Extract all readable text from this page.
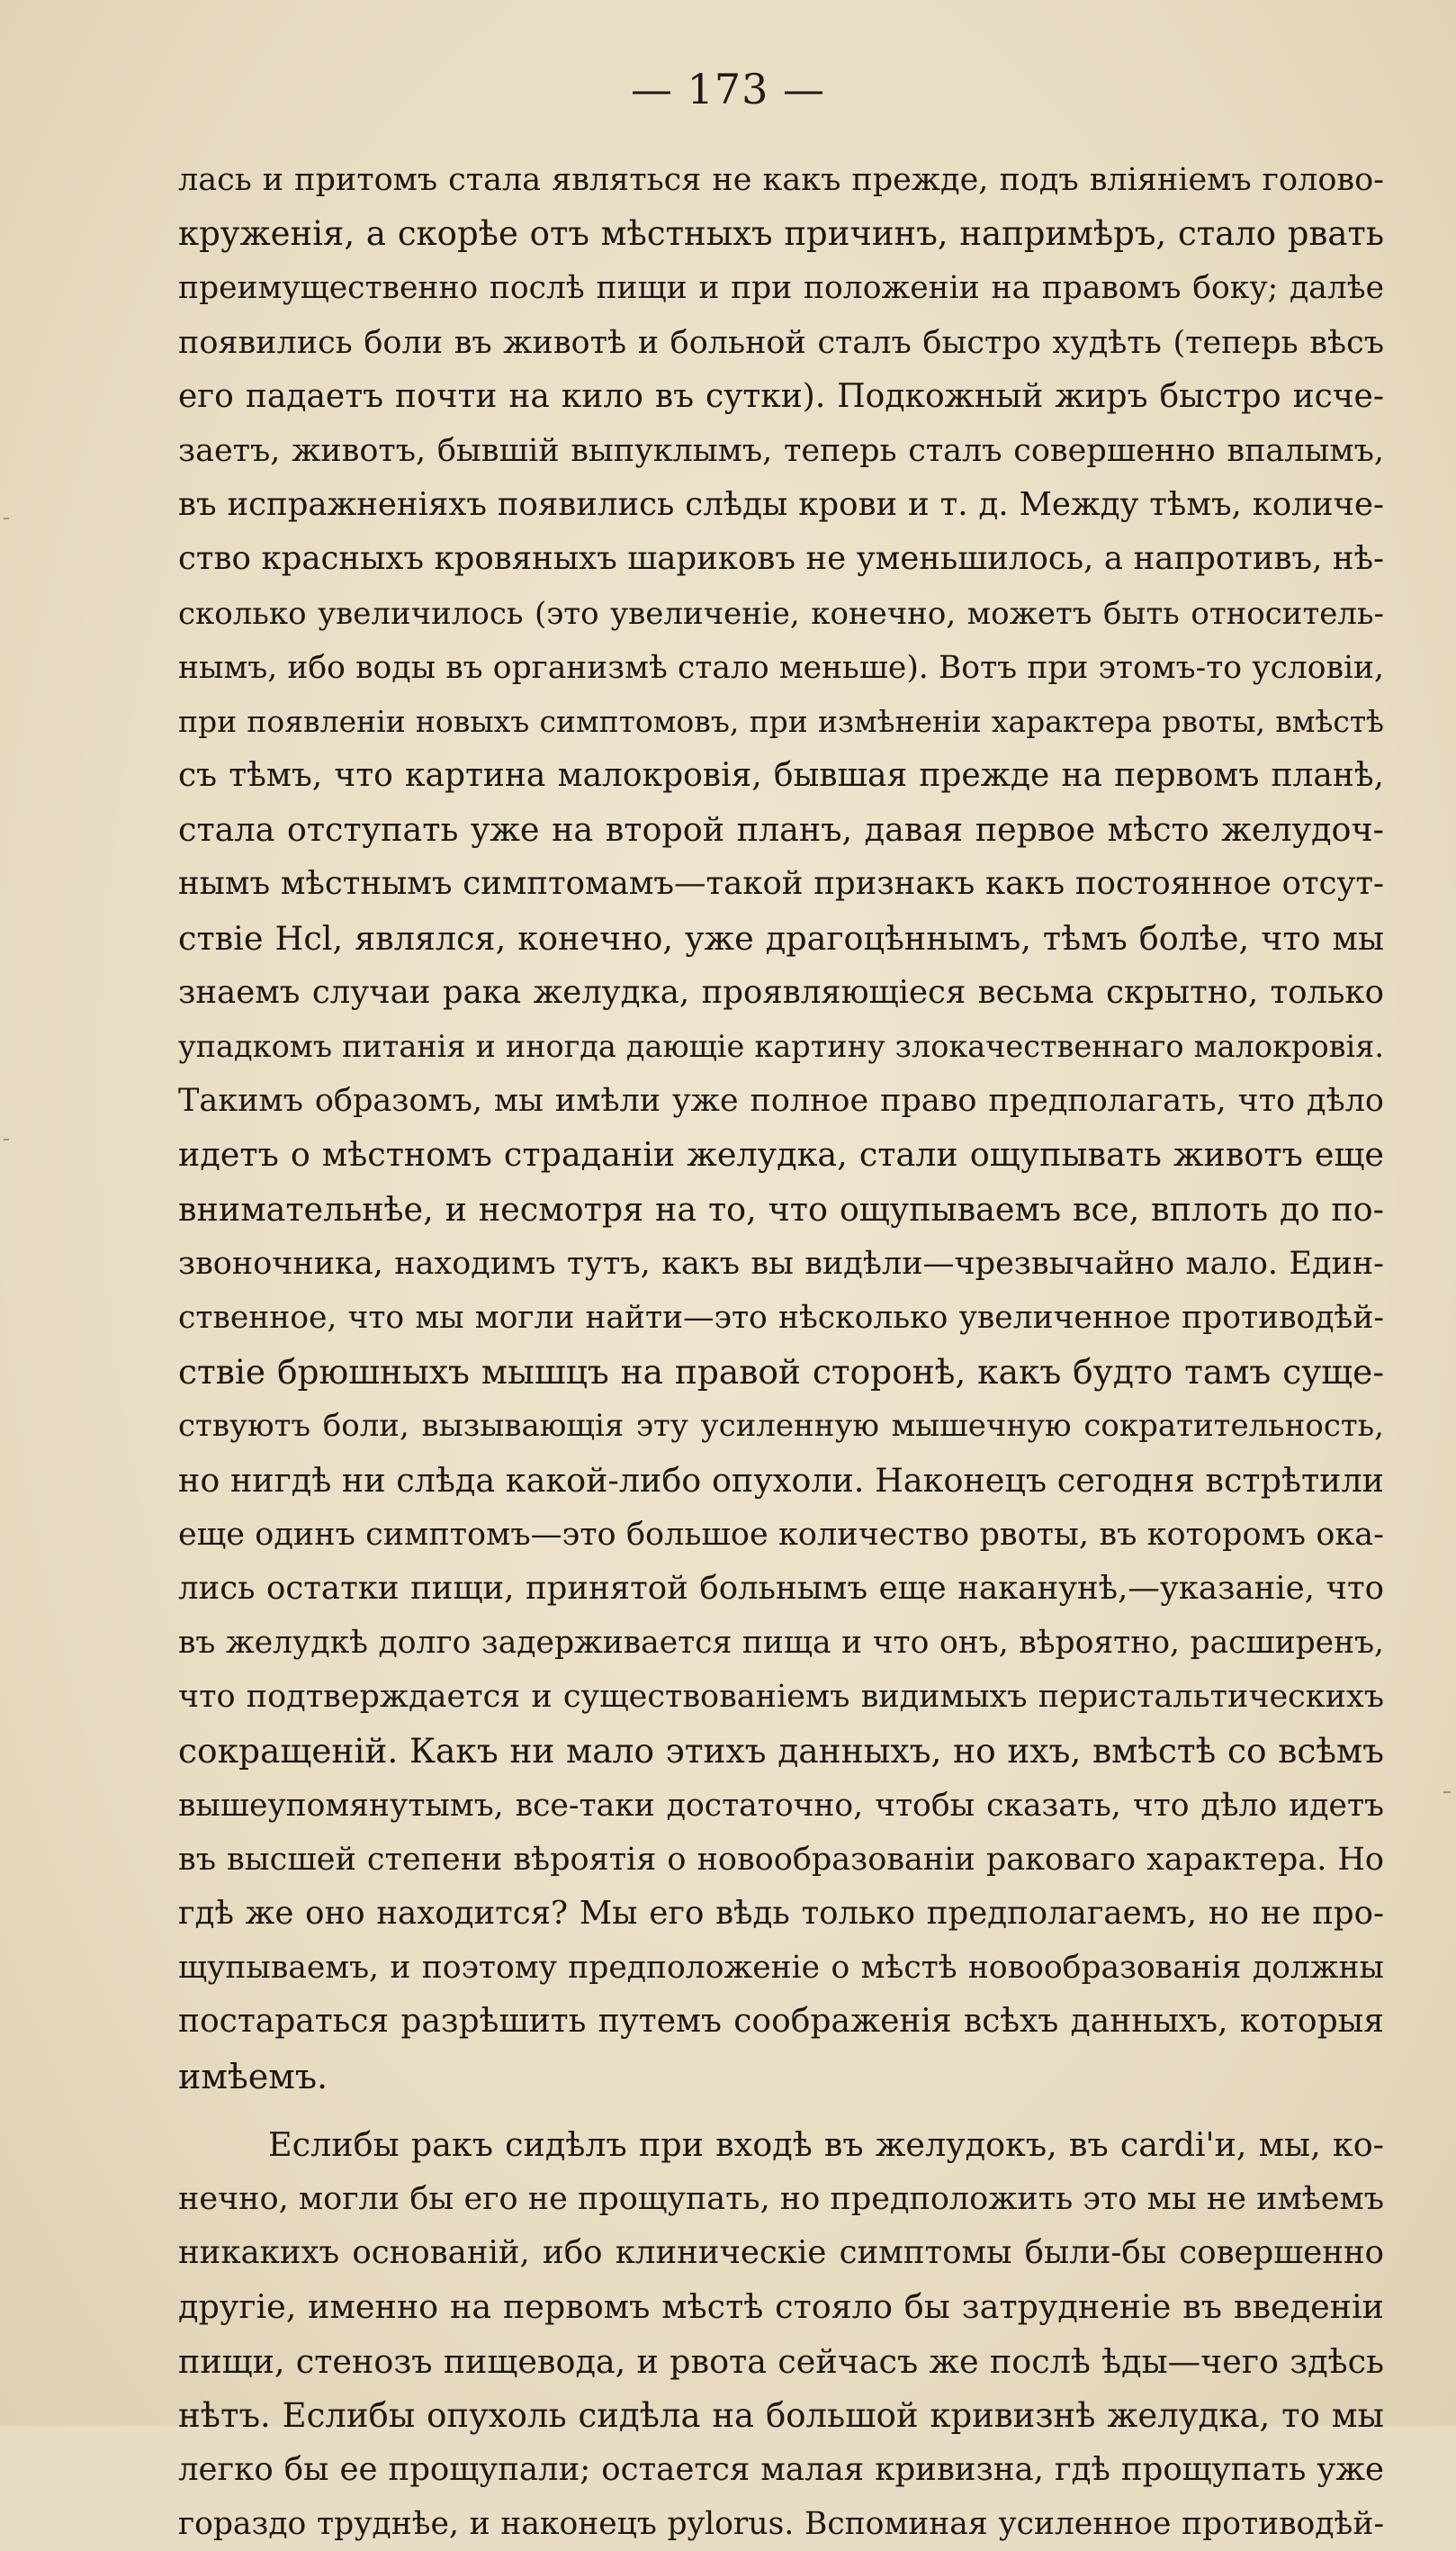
— 173 —
лась и притомъ стала являться не какъ прежде, подъ вліяніемъ голово-
круженія, а скорѣе отъ мѣстныхъ причинъ, напримѣръ, стало рвать
преимущественно послѣ пищи и при положеніи на правомъ боку; далѣе
появились боли въ животѣ и больной сталъ быстро худѣть (теперь вѣсъ
его падаетъ почти на кило въ сутки). Подкожный жиръ быстро исче-
заетъ, животъ, бывшій выпуклымъ, теперь сталъ совершенно впалымъ,
въ испражненіяхъ появились слѣды крови и т. д. Между тѣмъ, количе-
ство красныхъ кровяныхъ шариковъ не уменьшилось, а напротивъ, нѣ-
сколько увеличилось (это увеличеніе, конечно, можетъ быть относитель-
нымъ, ибо воды въ организмѣ стало меньше). Вотъ при этомъ-то условіи,
при появленіи новыхъ симптомовъ, при измѣненіи характера рвоты, вмѣстѣ
съ тѣмъ, что картина малокровія, бывшая прежде на первомъ планѣ,
стала отступать уже на второй планъ, давая первое мѣсто желудоч-
нымъ мѣстнымъ симптомамъ—такой признакъ какъ постоянное отсут-
ствіе Hcl, являлся, конечно, уже драгоцѣннымъ, тѣмъ болѣе, что мы
знаемъ случаи рака желудка, проявляющіеся весьма скрытно, только
упадкомъ питанія и иногда дающіе картину злокачественнаго малокровія.
Такимъ образомъ, мы имѣли уже полное право предполагать, что дѣло
идетъ о мѣстномъ страданіи желудка, стали ощупывать животъ еще
внимательнѣе, и несмотря на то, что ощупываемъ все, вплоть до по-
звоночника, находимъ тутъ, какъ вы видѣли—чрезвычайно мало. Един-
ственное, что мы могли найти—это нѣсколько увеличенное противодѣй-
ствіе брюшныхъ мышцъ на правой сторонѣ, какъ будто тамъ суще-
ствуютъ боли, вызывающія эту усиленную мышечную сократительность,
но нигдѣ ни слѣда какой-либо опухоли. Наконецъ сегодня встрѣтили
еще одинъ симптомъ—это большое количество рвоты, въ которомъ ока-
лись остатки пищи, принятой больнымъ еще наканунѣ,—указаніе, что
въ желудкѣ долго задерживается пища и что онъ, вѣроятно, расширенъ,
что подтверждается и существованіемъ видимыхъ перистальтическихъ
сокращеній. Какъ ни мало этихъ данныхъ, но ихъ, вмѣстѣ со всѣмъ
вышеупомянутымъ, все-таки достаточно, чтобы сказать, что дѣло идетъ
въ высшей степени вѣроятія о новообразованіи раковаго характера. Но
гдѣ же оно находится? Мы его вѣдь только предполагаемъ, но не про-
щупываемъ, и поэтому предположеніе о мѣстѣ новообразованія должны
постараться разрѣшить путемъ соображенія всѣхъ данныхъ, которыя
имѣемъ.
Еслибы ракъ сидѣлъ при входѣ въ желудокъ, въ cardi'и, мы, ко-
нечно, могли бы его не прощупать, но предположить это мы не имѣемъ
никакихъ основаній, ибо клиническіе симптомы были-бы совершенно
другіе, именно на первомъ мѣстѣ стояло бы затрудненіе въ введеніи
пищи, стенозъ пищевода, и рвота сейчасъ же послѣ ѣды—чего здѣсь
нѣтъ. Еслибы опухоль сидѣла на большой кривизнѣ желудка, то мы
легко бы ее прощупали; остается малая кривизна, гдѣ прощупать уже
гораздо труднѣе, и наконецъ pylorus. Вспоминая усиленное противодѣй-
